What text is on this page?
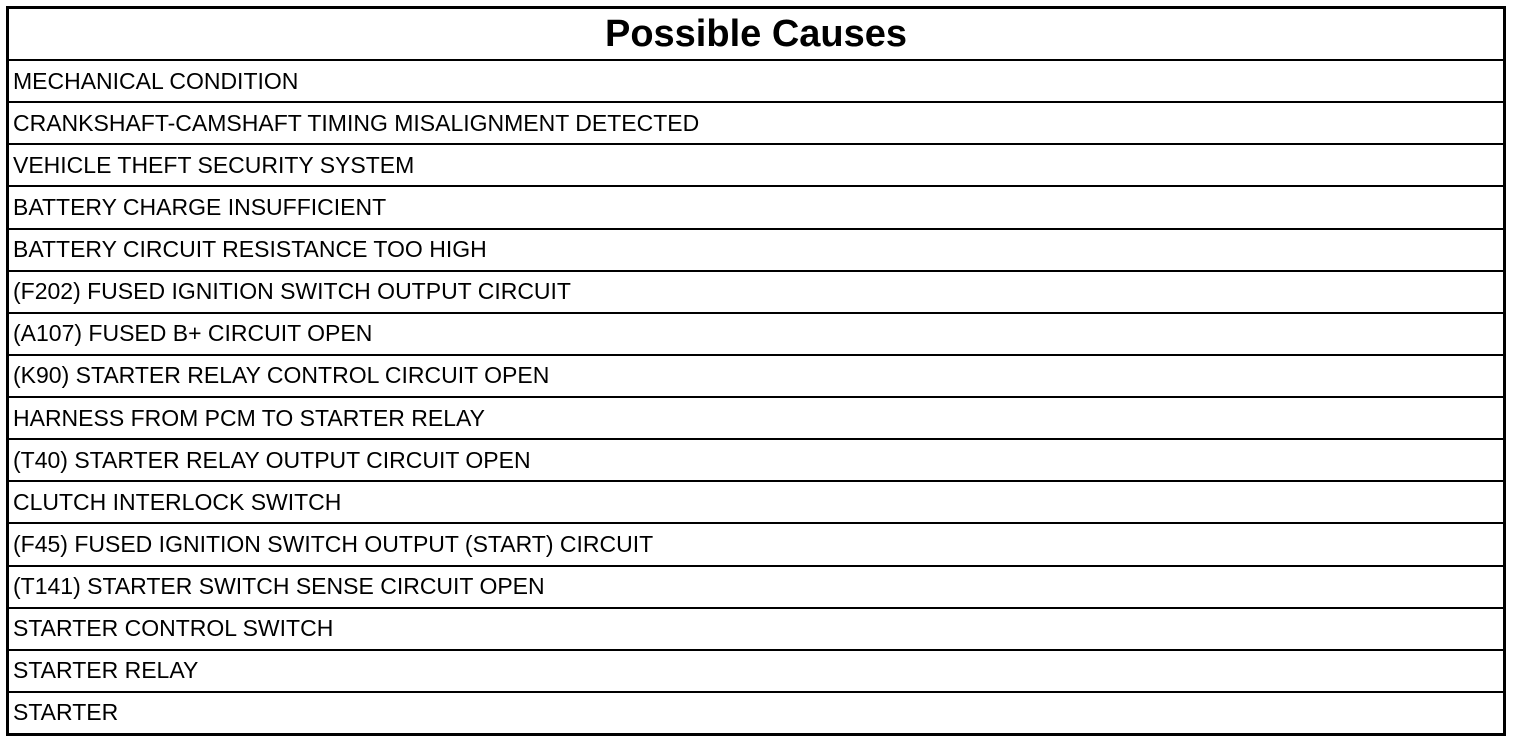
Possible Causes
MECHANICAL CONDITION
CRANKSHAFT-CAMSHAFT TIMING MISALIGNMENT DETECTED
VEHICLE THEFT SECURITY SYSTEM
BATTERY CHARGE INSUFFICIENT
BATTERY CIRCUIT RESISTANCE TOO HIGH
(F202) FUSED IGNITION SWITCH OUTPUT CIRCUIT
(A107) FUSED B+ CIRCUIT OPEN
(K90) STARTER RELAY CONTROL CIRCUIT OPEN
HARNESS FROM PCM TO STARTER RELAY
(T40) STARTER RELAY OUTPUT CIRCUIT OPEN
CLUTCH INTERLOCK SWITCH
(F45) FUSED IGNITION SWITCH OUTPUT (START) CIRCUIT
(T141) STARTER SWITCH SENSE CIRCUIT OPEN
STARTER CONTROL SWITCH
STARTER RELAY
STARTER
